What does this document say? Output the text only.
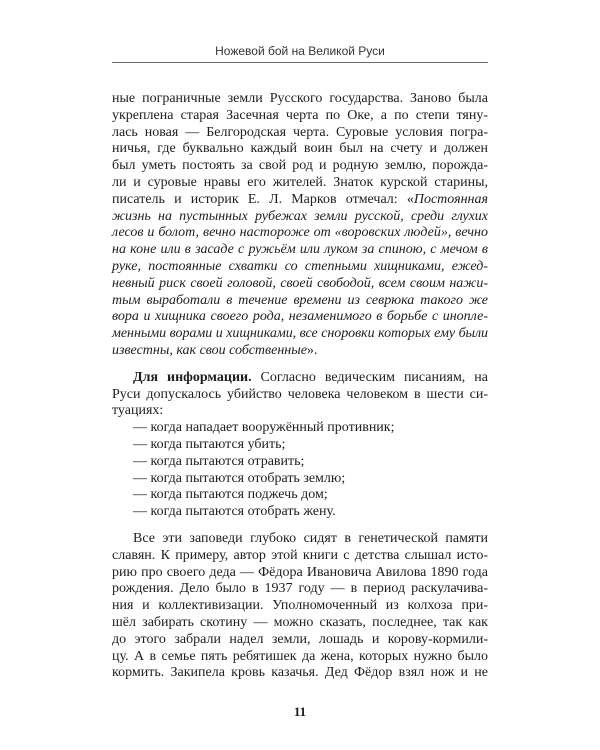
Ножевой бой на Великой Руси
ные пограничные земли Русского государства. Заново была
укреплена старая Засечная черта по Оке, а по степи тяну-
лась новая — Белгородская черта. Суровые условия погра-
ничья, где буквально каждый воин был на счету и должен
был уметь постоять за свой род и родную землю, порожда-
ли и суровые нравы его жителей. Знаток курской старины,
писатель и историк Е. Л. Марков отмечал: «Постоянная
жизнь на пустынных рубежах земли русской, среди глухих
лесов и болот, вечно настороже от «воровских людей», вечно
на коне или в засаде с ружьём или луком за спиною, с мечом в
руке, постоянные схватки со степными хищниками, ежед-
невный риск своей головой, своей свободой, всем своим нажи-
тым выработали в течение времени из севрюка такого же
вора и хищника своего рода, незаменимого в борьбе с инопле-
менными ворами и хищниками, все сноровки которых ему были
известны, как свои собственные».
Для информации. Согласно ведическим писаниям, на
Руси допускалось убийство человека человеком в шести си-
туациях:
— когда нападает вооружённый противник;
— когда пытаются убить;
— когда пытаются отравить;
— когда пытаются отобрать землю;
— когда пытаются поджечь дом;
— когда пытаются отобрать жену.
Все эти заповеди глубоко сидят в генетической памяти
славян. К примеру, автор этой книги с детства слышал исто-
рию про своего деда — Фёдора Ивановича Авилова 1890 года
рождения. Дело было в 1937 году — в период раскулачива-
ния и коллективизации. Уполномоченный из колхоза при-
шёл забирать скотину — можно сказать, последнее, так как
до этого забрали надел земли, лошадь и корову-кормили-
цу. А в семье пять ребятишек да жена, которых нужно было
кормить. Закипела кровь казачья. Дед Фёдор взял нож и не
11
